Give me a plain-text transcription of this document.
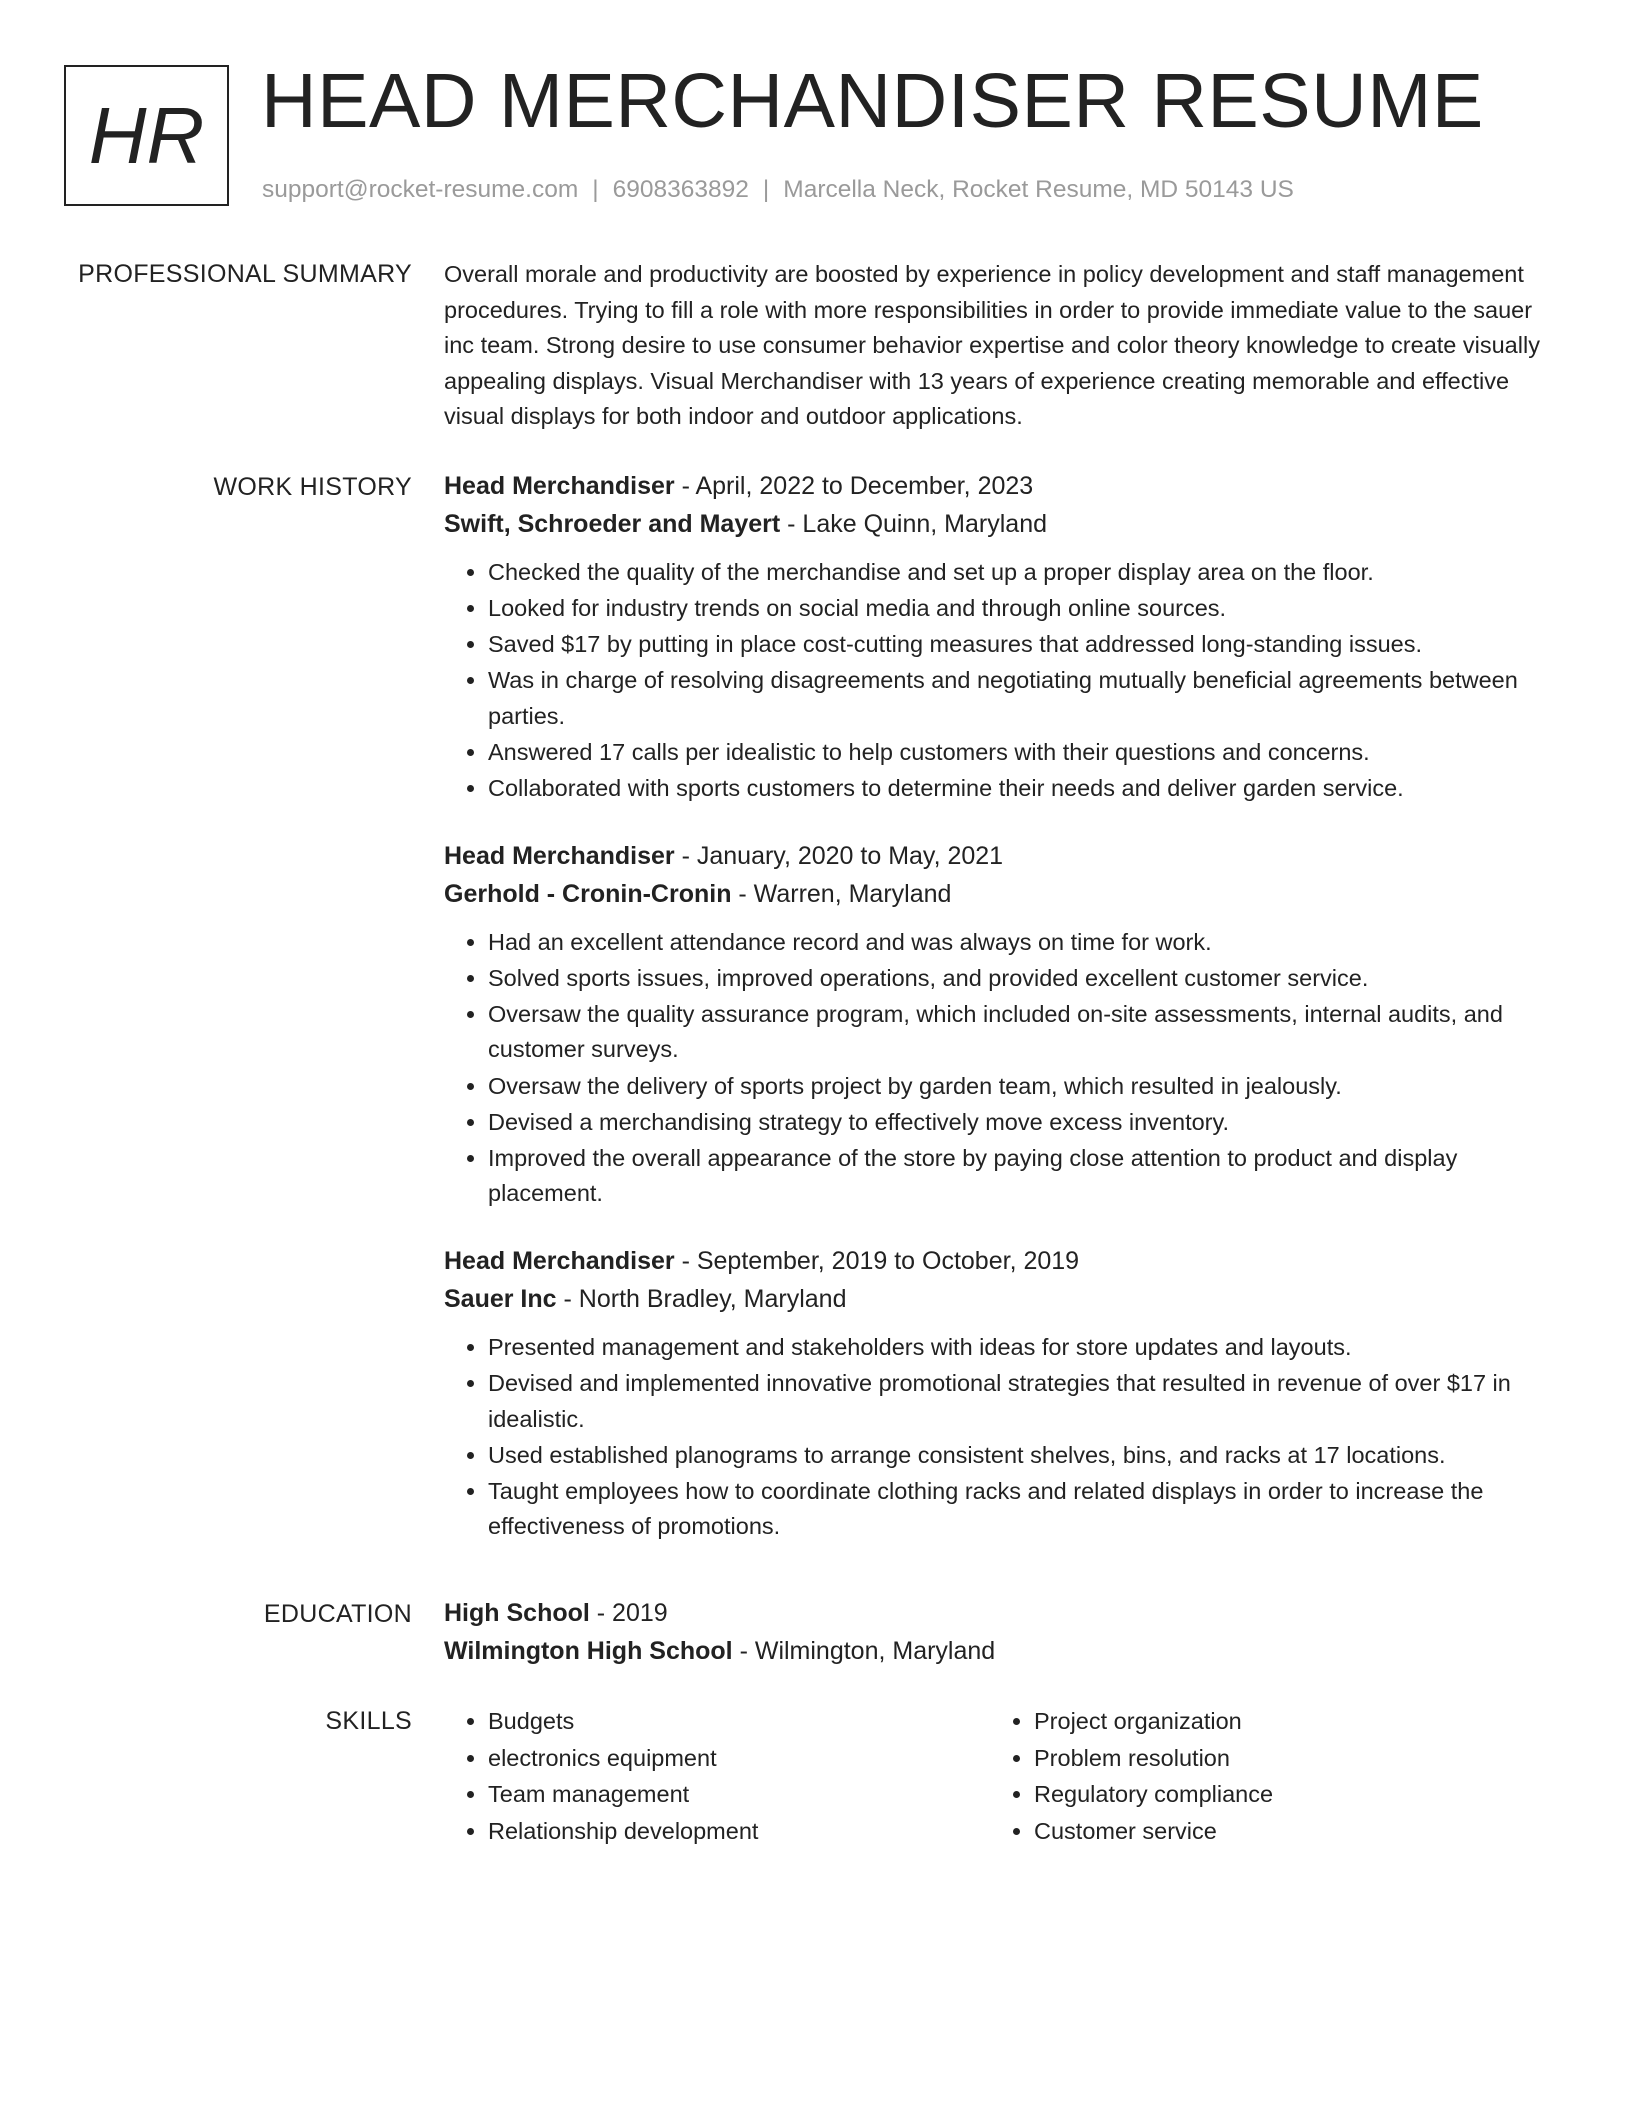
HR HEAD MERCHANDISER RESUME
support@rocket-resume.com | 6908363892 | Marcella Neck, Rocket Resume, MD 50143 US
PROFESSIONAL SUMMARY Overall morale and productivity are boosted by experience in policy development and staff management procedures. Trying to fill a role with more responsibilities in order to provide immediate value to the sauer inc team. Strong desire to use consumer behavior expertise and color theory knowledge to create visually appealing displays. Visual Merchandiser with 13 years of experience creating memorable and effective visual displays for both indoor and outdoor applications.

WORK HISTORY Head Merchandiser - April, 2022 to December, 2023

Swift, Schroeder and Mayert - Lake Quinn, Maryland

• Checked the quality of the merchandise and set up a proper display area on the floor.
• Looked for industry trends on social media and through online sources.
• Saved $17 by putting in place cost-cutting measures that addressed long-standing issues.
• Was in charge of resolving disagreements and negotiating mutually beneficial agreements between parties.
• Answered 17 calls per idealistic to help customers with their questions and concerns.
• Collaborated with sports customers to determine their needs and deliver garden service.

Head Merchandiser - January, 2020 to May, 2021

Gerhold - Cronin-Cronin - Warren, Maryland

• Had an excellent attendance record and was always on time for work.
• Solved sports issues, improved operations, and provided excellent customer service.
• Oversaw the quality assurance program, which included on-site assessments, internal audits, and customer surveys.
• Oversaw the delivery of sports project by garden team, which resulted in jealously.
• Devised a merchandising strategy to effectively move excess inventory.
• Improved the overall appearance of the store by paying close attention to product and display placement.

Head Merchandiser - September, 2019 to October, 2019

Sauer Inc - North Bradley, Maryland

• Presented management and stakeholders with ideas for store updates and layouts.
• Devised and implemented innovative promotional strategies that resulted in revenue of over $17 in idealistic.
• Used established planograms to arrange consistent shelves, bins, and racks at 17 locations.
• Taught employees how to coordinate clothing racks and related displays in order to increase the effectiveness of promotions.
EDUCATION High School - 2019

Wilmington High School - Wilmington, Maryland

SKILLS
•	Budgets
• electronics equipment
• Team management
• Relationship development
• Project organization
• Problem resolution
• Regulatory compliance
• Customer service
